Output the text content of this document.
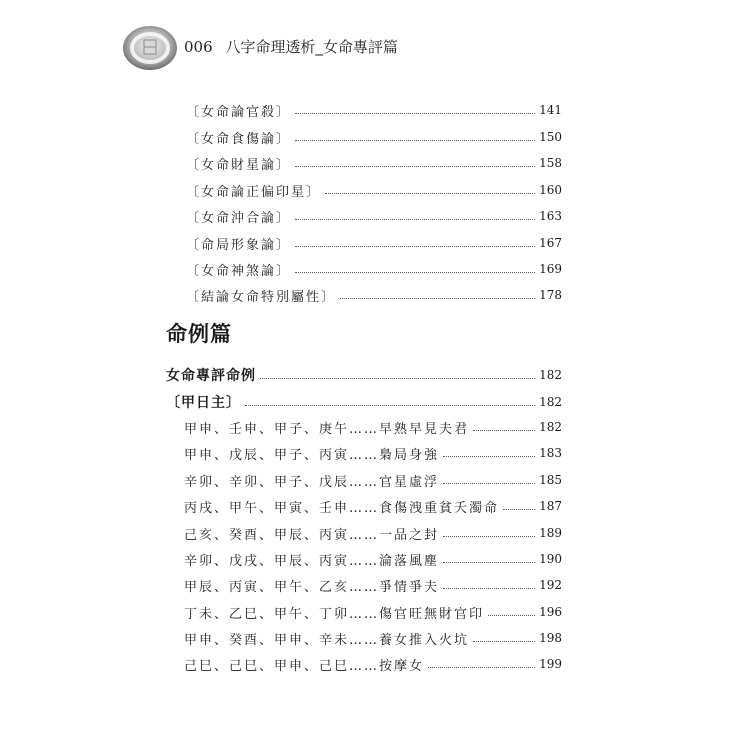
006 八字命理透析_女命專評篇
〔女命論官殺〕	141
〔女命食傷論〕	150
〔女命財星論〕	158
〔女命論正偏印星〕	160
〔女命沖合論〕	163
〔命局形象論〕	167
〔女命神煞論〕	169
〔結論女命特別屬性〕	178
命例篇
女命專評命例	182
〔甲日主〕	182
甲申、壬申、甲子、庚午……早熟早見夫君	182
甲申、戊辰、甲子、丙寅……梟局身強	183
辛卯、辛卯、甲子、戊辰……官星虛浮	185
丙戌、甲午、甲寅、壬申……食傷洩重貧夭濁命	187
己亥、癸酉、甲辰、丙寅……一品之封	189
辛卯、戊戌、甲辰、丙寅……淪落風塵	190
甲辰、丙寅、甲午、乙亥……爭情爭夫	192
丁未、乙巳、甲午、丁卯……傷官旺無財官印	196
甲申、癸酉、甲申、辛未……養女推入火坑	198
己巳、己巳、甲申、己巳……按摩女	199
